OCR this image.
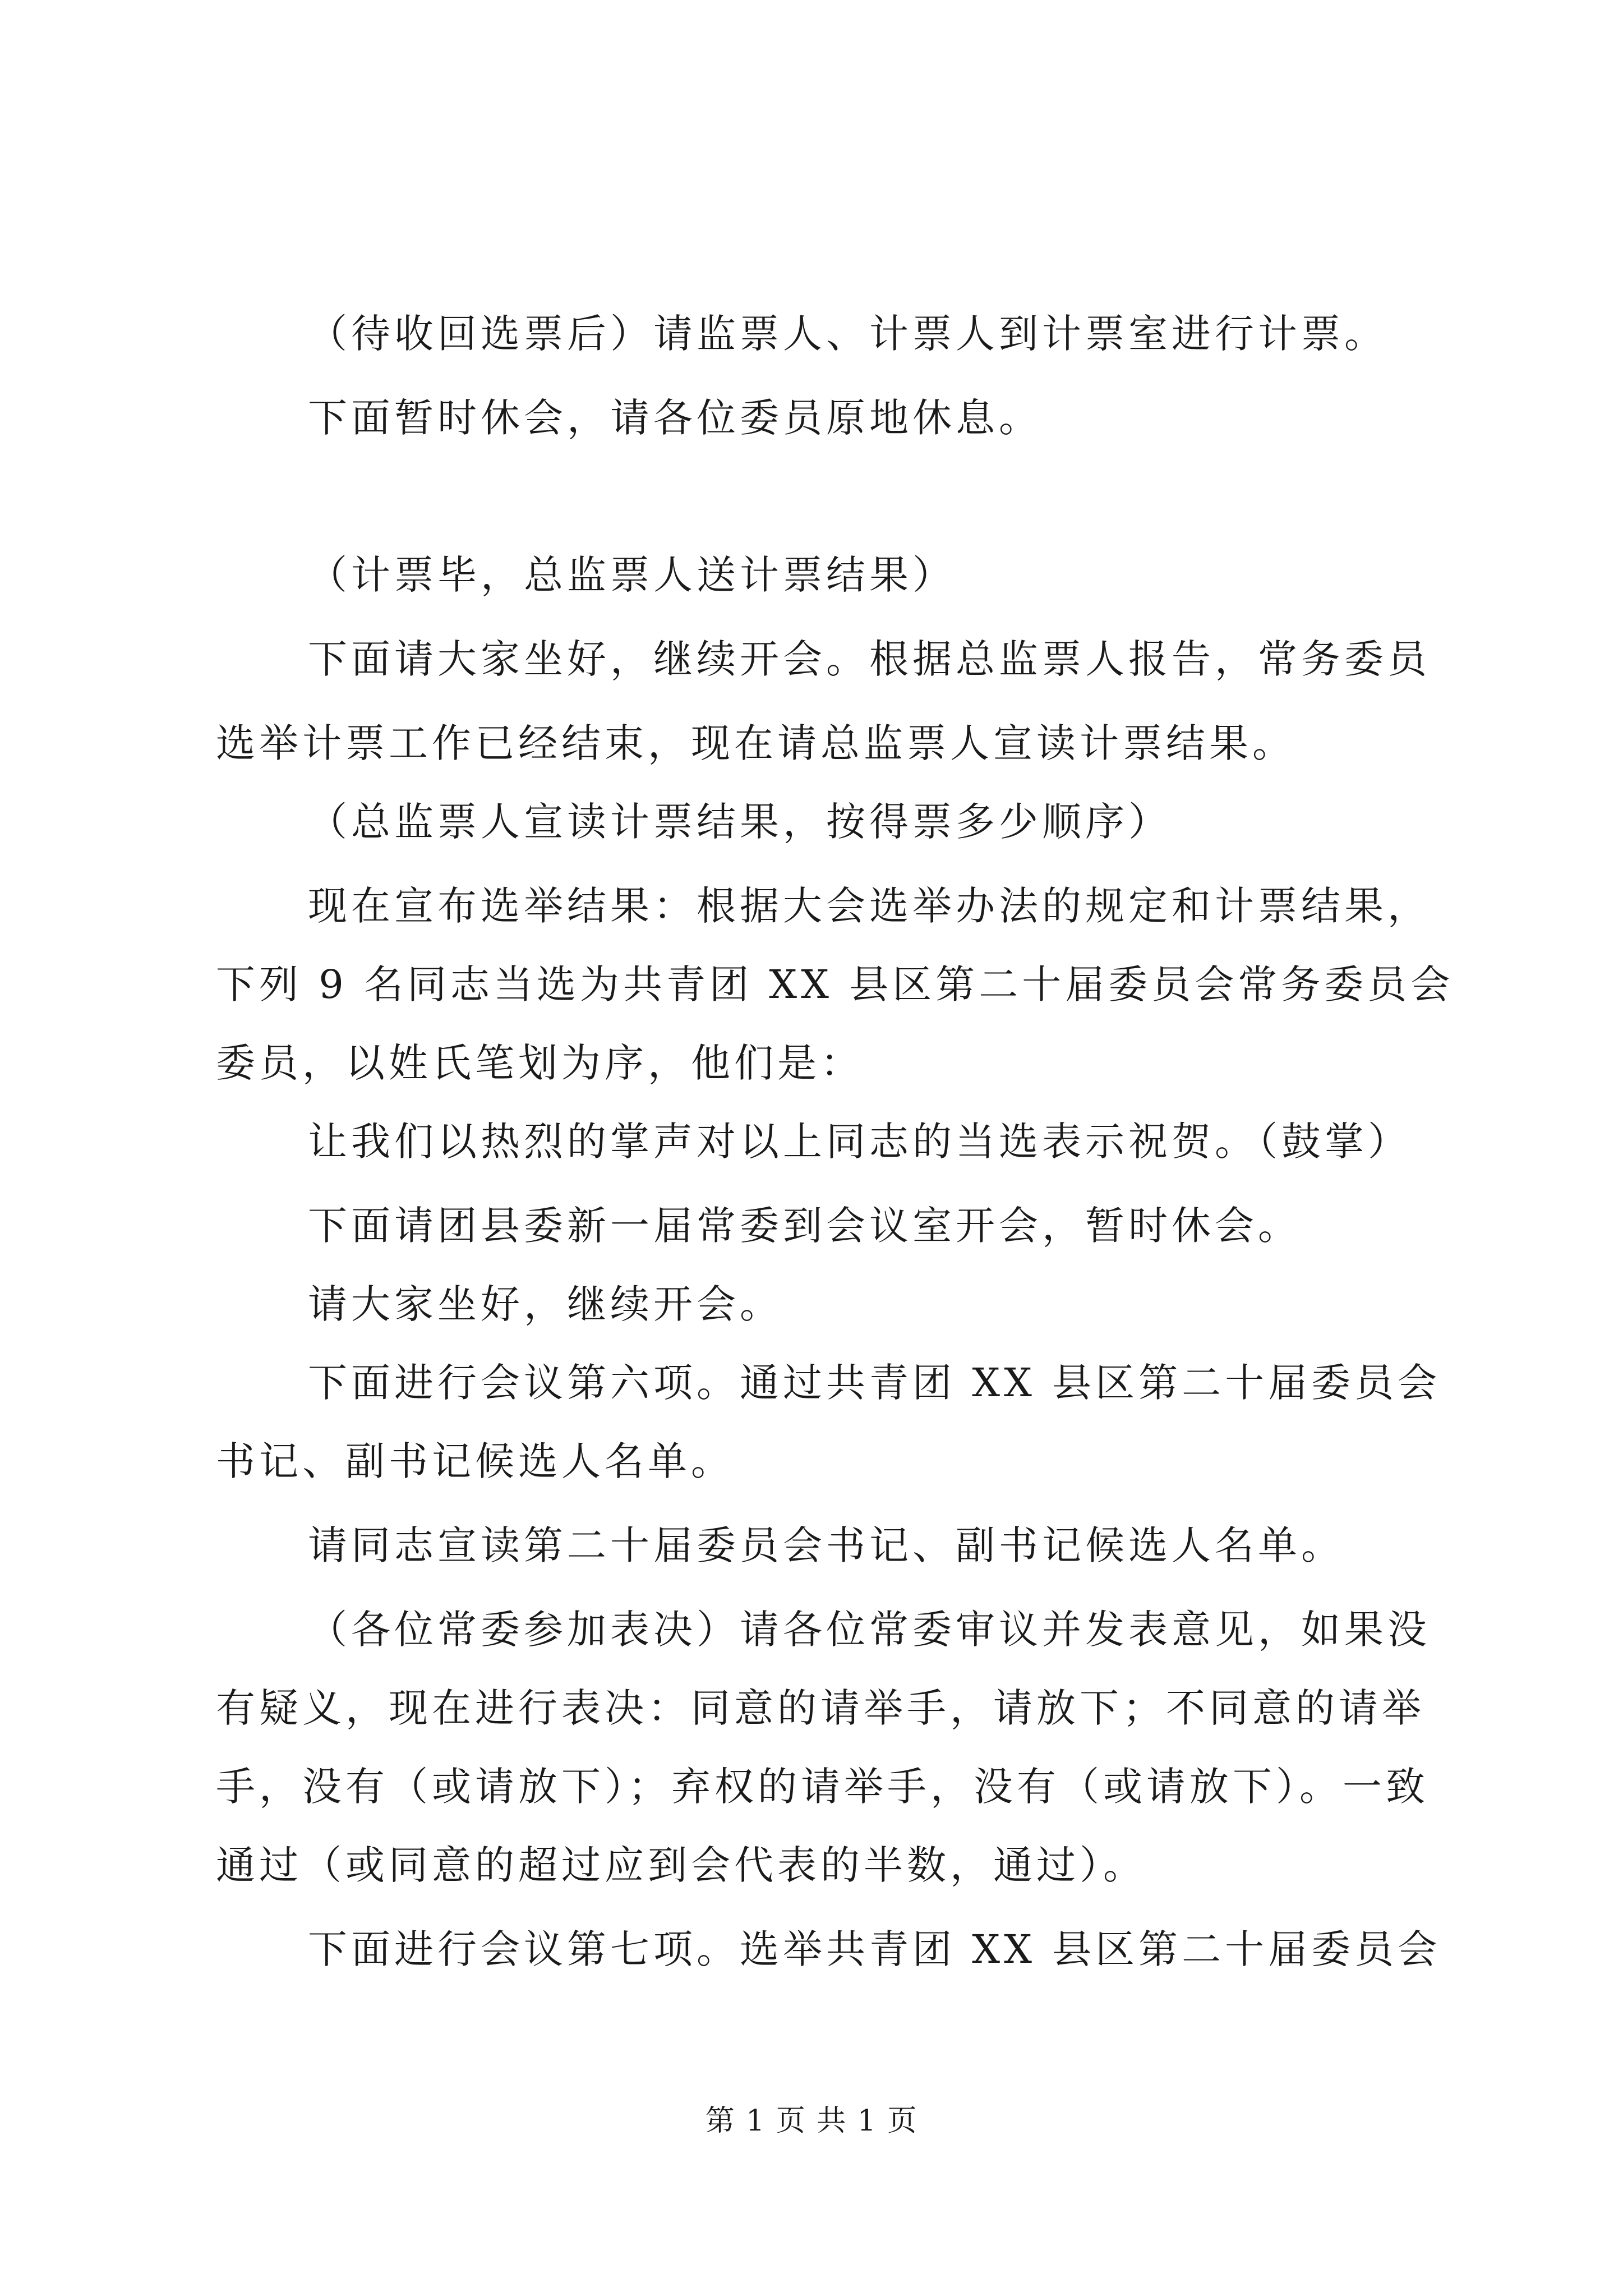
（待收回选票后）请监票人、计票人到计票室进行计票。
下面暂时休会，请各位委员原地休息。
（计票毕，总监票人送计票结果）
下面请大家坐好，继续开会。根据总监票人报告，常务委员
选举计票工作已经结束，现在请总监票人宣读计票结果。
（总监票人宣读计票结果，按得票多少顺序）
现在宣布选举结果：根据大会选举办法的规定和计票结果，
下列 9 名同志当选为共青团 XX 县区第二十届委员会常务委员会
委员，以姓氏笔划为序，他们是：
让我们以热烈的掌声对以上同志的当选表示祝贺。（鼓掌）
下面请团县委新一届常委到会议室开会，暂时休会。
请大家坐好，继续开会。
下面进行会议第六项。通过共青团 XX 县区第二十届委员会
书记、副书记候选人名单。
请同志宣读第二十届委员会书记、副书记候选人名单。
（各位常委参加表决）请各位常委审议并发表意见，如果没
有疑义，现在进行表决：同意的请举手，请放下；不同意的请举
手，没有（或请放下）；弃权的请举手，没有（或请放下）。一致
通过（或同意的超过应到会代表的半数，通过）。
下面进行会议第七项。选举共青团 XX 县区第二十届委员会
第 1 页 共 1 页
